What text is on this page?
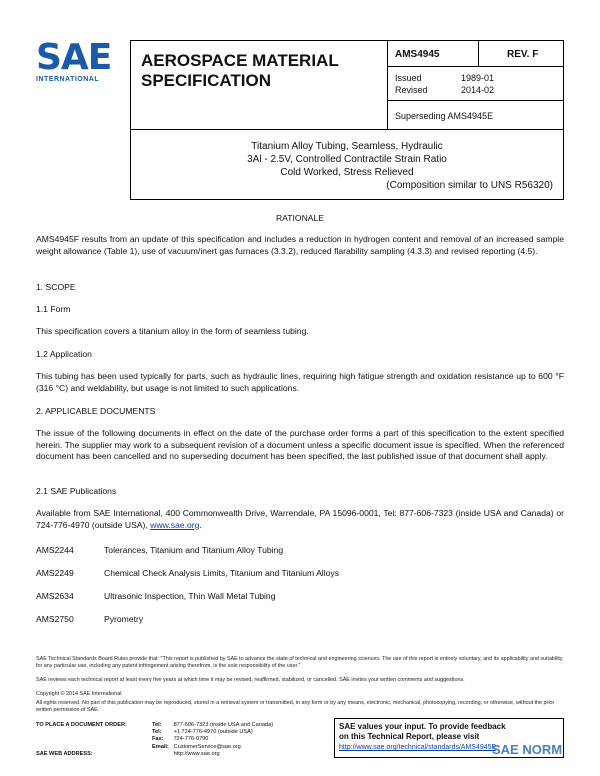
SAE
INTERNATIONAL
AEROSPACE MATERIAL SPECIFICATION
AMS4945	REV. F
Issued	1989-01
Revised	2014-02
Superseding AMS4945E
Titanium Alloy Tubing, Seamless, Hydraulic
3Al - 2.5V, Controlled Contractile Strain Ratio
Cold Worked, Stress Relieved
(Composition similar to UNS R56320)
RATIONALE
AMS4945F results from an update of this specification and includes a reduction in hydrogen content and removal of an increased sample weight allowance (Table 1), use of vacuum/inert gas furnaces (3.3.2), reduced flarability sampling (4.3.3) and revised reporting (4.5).
1. SCOPE
1.1 Form
This specification covers a titanium alloy in the form of seamless tubing.
1.2 Application
This tubing has been used typically for parts, such as hydraulic lines, requiring high fatigue strength and oxidation resistance up to 600 °F (316 °C) and weldability, but usage is not limited to such applications.
2. APPLICABLE DOCUMENTS
The issue of the following documents in effect on the date of the purchase order forms a part of this specification to the extent specified herein. The supplier may work to a subsequent revision of a document unless a specific document issue is specified. When the referenced document has been cancelled and no superseding document has been specified, the last published issue of that document shall apply.
2.1 SAE Publications
Available from SAE International, 400 Commonwealth Drive, Warrendale, PA 15096-0001, Tel: 877-606-7323 (inside USA and Canada) or 724-776-4970 (outside USA), www.sae.org.
AMS2244	Tolerances, Titanium and Titanium Alloy Tubing
AMS2249	Chemical Check Analysis Limits, Titanium and Titanium Alloys
AMS2634	Ultrasonic Inspection, Thin Wall Metal Tubing
AMS2750	Pyrometry
SAE Technical Standards Board Rules provide that: "This report is published by SAE to advance the state of technical and engineering sciences. The use of this report is entirely voluntary, and its applicability and suitability for any particular use, including any patent infringement arising therefrom, is the sole responsibility of the user."
SAE reviews each technical report at least every five years at which time it may be revised, reaffirmed, stabilized, or cancelled. SAE invites your written comments and suggestions.
Copyright © 2014 SAE International
All rights reserved. No part of this publication may be reproduced, stored in a retrieval system or transmitted, in any form or by any means, electronic, mechanical, photocopying, recording, or otherwise, without the prior written permission of SAE.
TO PLACE A DOCUMENT ORDER:	Tel: 877-606-7323 (inside USA and Canada)
Tel: +1 724-776-4970 (outside USA)
Fax: 724-776-0790
Email: CustomerService@sae.org
SAE WEB ADDRESS:	http://www.sae.org
SAE values your input. To provide feedback
on this Technical Report, please visit
http://www.sae.org/technical/standards/AMS4945F
SAE NORM
